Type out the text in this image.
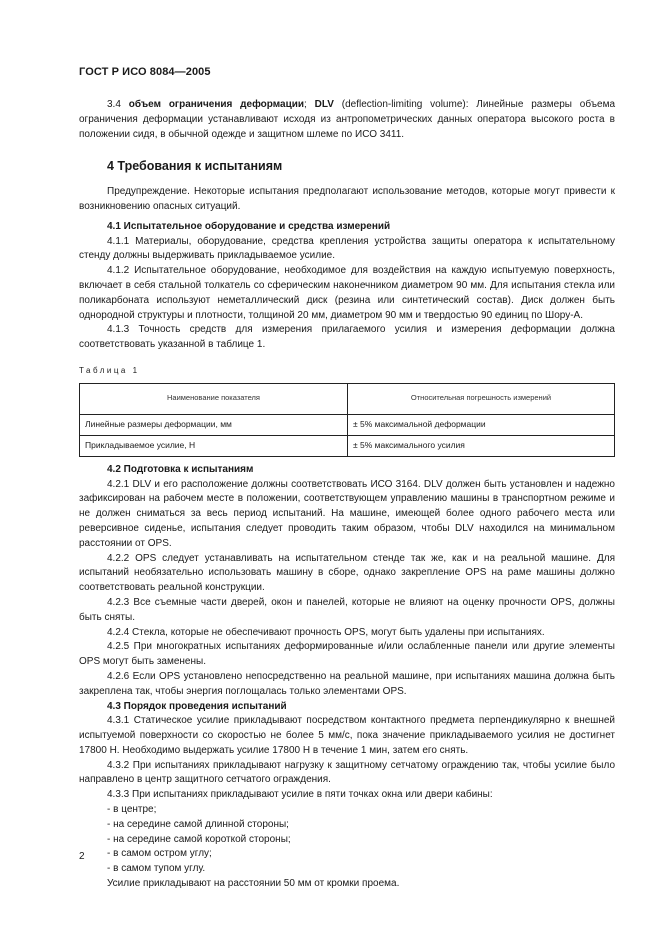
ГОСТ Р ИСО 8084—2005

3.4 объем ограничения деформации; DLV (deflection-limiting volume): Линейные размеры объема ограничения деформации устанавливают исходя из антропометрических данных оператора высокого роста в положении сидя, в обычной одежде и защитном шлеме по ИСО 3411.

4 Требования к испытаниям

Предупреждение. Некоторые испытания предполагают использование методов, которые могут привести к возникновению опасных ситуаций.

4.1 Испытательное оборудование и средства измерений

4.1.1 Материалы, оборудование, средства крепления устройства защиты оператора к испытательному стенду должны выдерживать прикладываемое усилие.

4.1.2 Испытательное оборудование, необходимое для воздействия на каждую испытуемую поверхность, включает в себя стальной толкатель со сферическим наконечником диаметром 90 мм. Для испытания стекла или поликарбоната используют неметаллический диск (резина или синтетический состав). Диск должен быть однородной структуры и плотности, толщиной 20 мм, диаметром 90 мм и твердостью 90 единиц по Шору-А.

4.1.3 Точность средств для измерения прилагаемого усилия и измерения деформации должна соответствовать указанной в таблице 1.

Таблица 1
Наименование показателя	Относительная погрешность измерений
Линейные размеры деформации, мм	± 5% максимальной деформации
Прикладываемое усилие, Н	± 5% максимального усилия
4.2 Подготовка к испытаниям

4.2.1 DLV и его расположение должны соответствовать ИСО 3164. DLV должен быть установлен и надежно зафиксирован на рабочем месте в положении, соответствующем управлению машины в транспортном режиме и не должен сниматься за весь период испытаний. На машине, имеющей более одного рабочего места или реверсивное сиденье, испытания следует проводить таким образом, чтобы DLV находился на минимальном расстоянии от OPS.

4.2.2 OPS следует устанавливать на испытательном стенде так же, как и на реальной машине. Для испытаний необязательно использовать машину в сборе, однако закрепление OPS на раме машины должно соответствовать реальной конструкции.

4.2.3 Все съемные части дверей, окон и панелей, которые не влияют на оценку прочности OPS, должны быть сняты.

4.2.4 Стекла, которые не обеспечивают прочность OPS, могут быть удалены при испытаниях.

4.2.5 При многократных испытаниях деформированные и/или ослабленные панели или другие элементы OPS могут быть заменены.

4.2.6 Если OPS установлено непосредственно на реальной машине, при испытаниях машина должна быть закреплена так, чтобы энергия поглощалась только элементами OPS.

4.3 Порядок проведения испытаний

4.3.1 Статическое усилие прикладывают посредством контактного предмета перпендикулярно к внешней испытуемой поверхности со скоростью не более 5 мм/с, пока значение прикладываемого усилия не достигнет 17800 Н. Необходимо выдержать усилие 17800 Н в течение 1 мин, затем его снять.

4.3.2 При испытаниях прикладывают нагрузку к защитному сетчатому ограждению так, чтобы усилие было направлено в центр защитного сетчатого ограждения.

4.3.3 При испытаниях прикладывают усилие в пяти точках окна или двери кабины:

- в центре;
- на середине самой длинной стороны;
- на середине самой короткой стороны;
- в самом остром углу;
- в самом тупом углу.

Усилие прикладывают на расстоянии 50 мм от кромки проема.

2
